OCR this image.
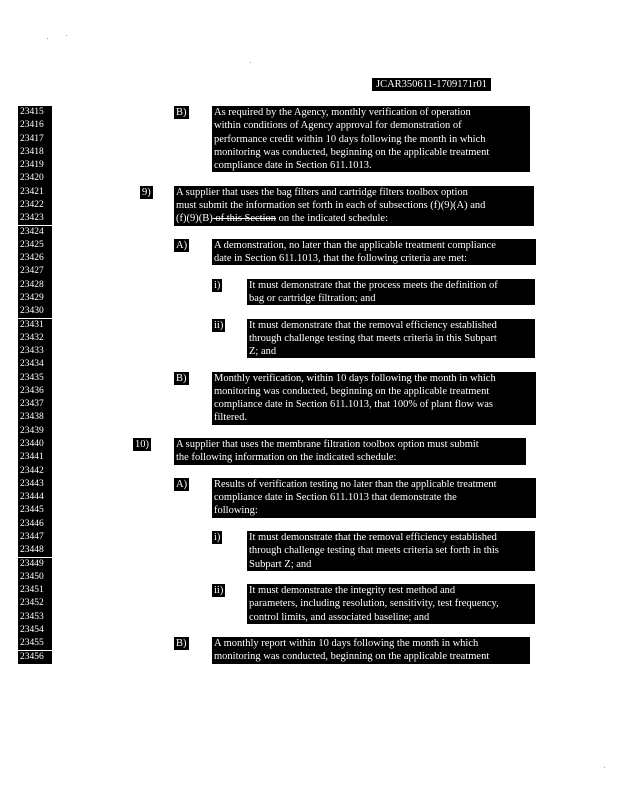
JCAR350611-1709171r01
23415
23416
23417
23418
23419
23420
23421
23422
23423
23424
23425
23426
23427
23428
23429
23430
23431
23432
23433
23434
23435
23436
23437
23438
23439
23440
23441
23442
23443
23444
23445
23446
23447
23448
23449
23450
23451
23452
23453
23454
23455
23456
B)	As required by the Agency, monthly verification of operation
within conditions of Agency approval for demonstration of
performance credit within 10 days following the month in which
monitoring was conducted, beginning on the applicable treatment
compliance date in Section 611.1013.
9) A supplier that uses the bag filters and cartridge filters toolbox option
must submit the information set forth in each of subsections (f)(9)(A) and
(f)(9)(B) of this Section on the indicated schedule:
A)	A demonstration, no later than the applicable treatment compliance
date in Section 611.1013, that the following criteria are met:
i)	It must demonstrate that the process meets the definition of
bag or cartridge filtration; and
ii) It must demonstrate that the removal efficiency established
through challenge testing that meets criteria in this Subpart
Z; and
B)	Monthly verification, within 10 days following the month in which
monitoring was conducted, beginning on the applicable treatment
compliance date in Section 611.1013, that 100% of plant flow was
filtered.
10)	A supplier that uses the membrane filtration toolbox option must submit
the following information on the indicated schedule:
A)	Results of verification testing no later than the applicable treatment
compliance date in Section 611.1013 that demonstrate the
following:
i)	It must demonstrate that the removal efficiency established
through challenge testing that meets criteria set forth in this
Subpart Z; and
ii) It must demonstrate the integrity test method and
parameters, including resolution, sensitivity, test frequency,
control limits, and associated baseline; and
B)	A monthly report within 10 days following the month in which
monitoring was conducted, beginning on the applicable treatment
